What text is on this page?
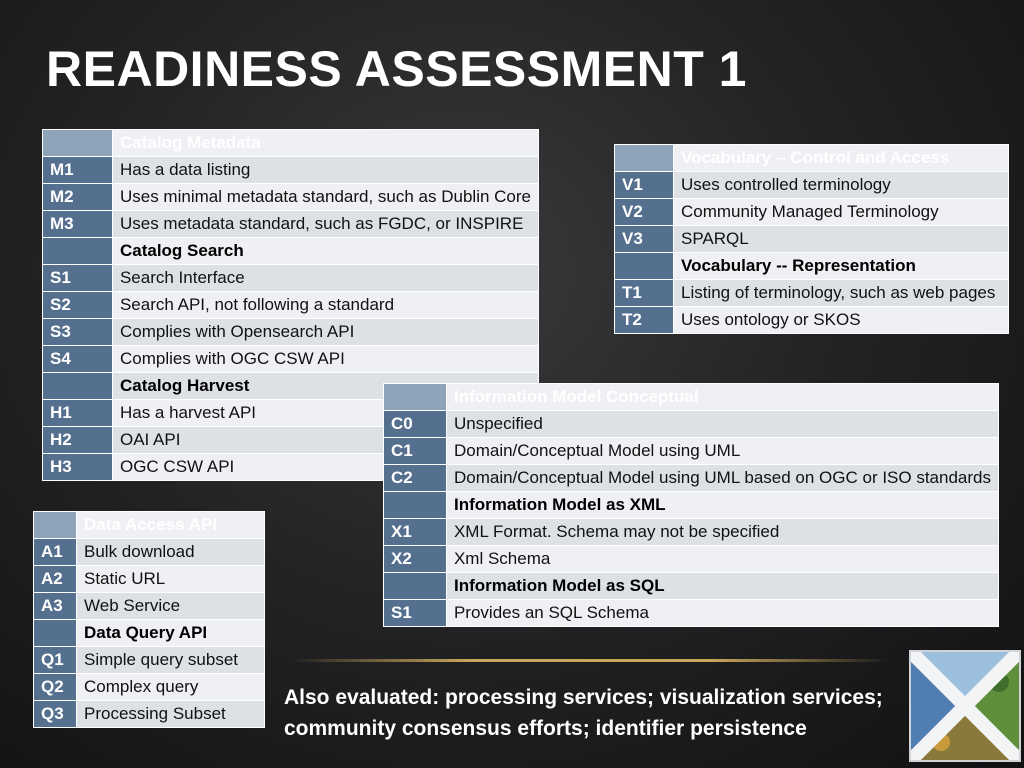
READINESS ASSESSMENT 1
	Catalog Metadata
M1	Has a data listing
M2	Uses minimal metadata standard, such as Dublin Core
M3	Uses metadata standard, such as FGDC, or INSPIRE
	Catalog Search
S1	Search Interface
S2	Search API, not following a standard
S3	Complies with Opensearch API
S4	Complies with OGC CSW API
	Catalog Harvest
H1	Has a harvest API
H2	OAI API
H3	OGC CSW API
	Vocabulary – Control and Access
V1	Uses controlled terminology
V2	Community Managed Terminology
V3	SPARQL
	Vocabulary -- Representation
T1	Listing of terminology, such as web pages
T2	Uses ontology or SKOS
	Information Model Conceptual
C0	Unspecified
C1	Domain/Conceptual Model using UML
C2	Domain/Conceptual Model using UML based on OGC or ISO standards
	Information Model as XML
X1	XML Format. Schema may not be specified
X2	Xml Schema
	Information Model as SQL
S1	Provides an SQL Schema
	Data Access API
A1	Bulk download
A2	Static URL
A3	Web Service
	Data Query API
Q1	Simple query subset
Q2	Complex query
Q3	Processing Subset
Also evaluated: processing services; visualization services; community consensus efforts; identifier persistence
